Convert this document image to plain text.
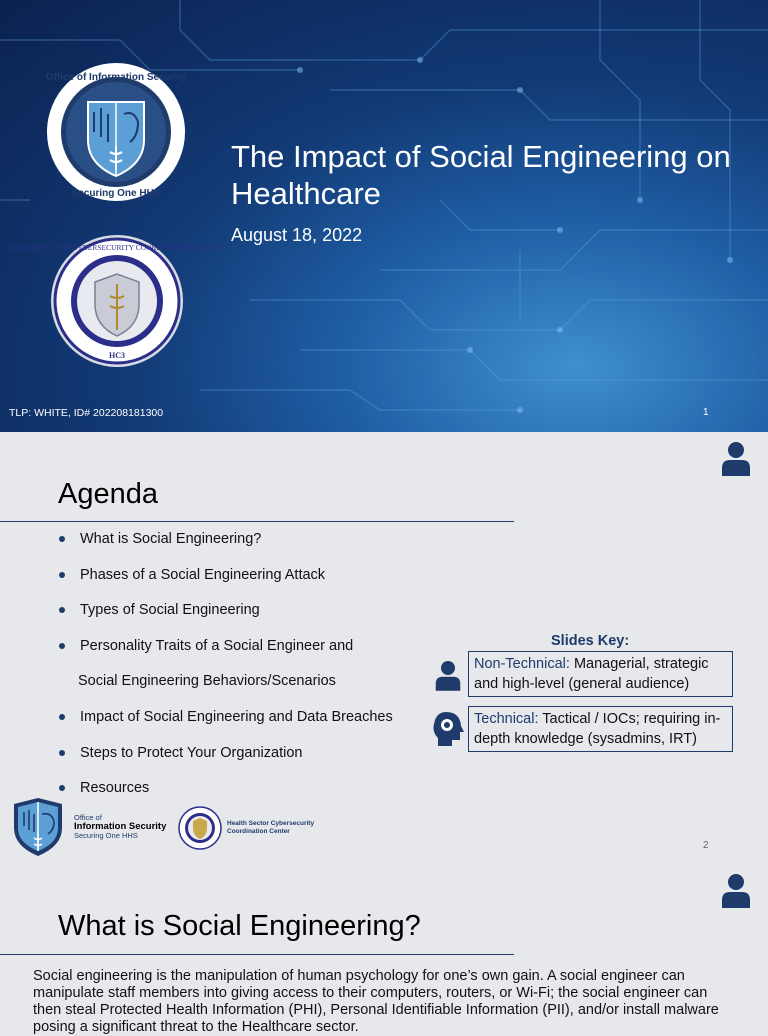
Office of Information Security
Securing One HHS
HEALTH SECTOR CYBERSECURITY COORDINATION CENTER
HC3
The Impact of Social Engineering on Healthcare
August 18, 2022
TLP: WHITE, ID# 202208181300	1
Agenda
What is Social Engineering?
Phases of a Social Engineering Attack
Types of Social Engineering
Personality Traits of a Social Engineer and
Social Engineering Behaviors/Scenarios
Impact of Social Engineering and Data Breaches
Steps to Protect Your Organization
Resources
Slides Key:
Non-Technical: Managerial, strategic and high-level (general audience)
Technical: Tactical / IOCs; requiring in-depth knowledge (sysadmins, IRT)
Office of
Information Security
Securing One HHS
Health Sector Cybersecurity
Coordination Center
2
What is Social Engineering?
Social engineering is the manipulation of human psychology for one’s own gain. A social engineer can manipulate staff members into giving access to their computers, routers, or Wi-Fi; the social engineer can then steal Protected Health Information (PHI), Personal Identifiable Information (PII), and/or install malware posing a significant threat to the Healthcare sector.
